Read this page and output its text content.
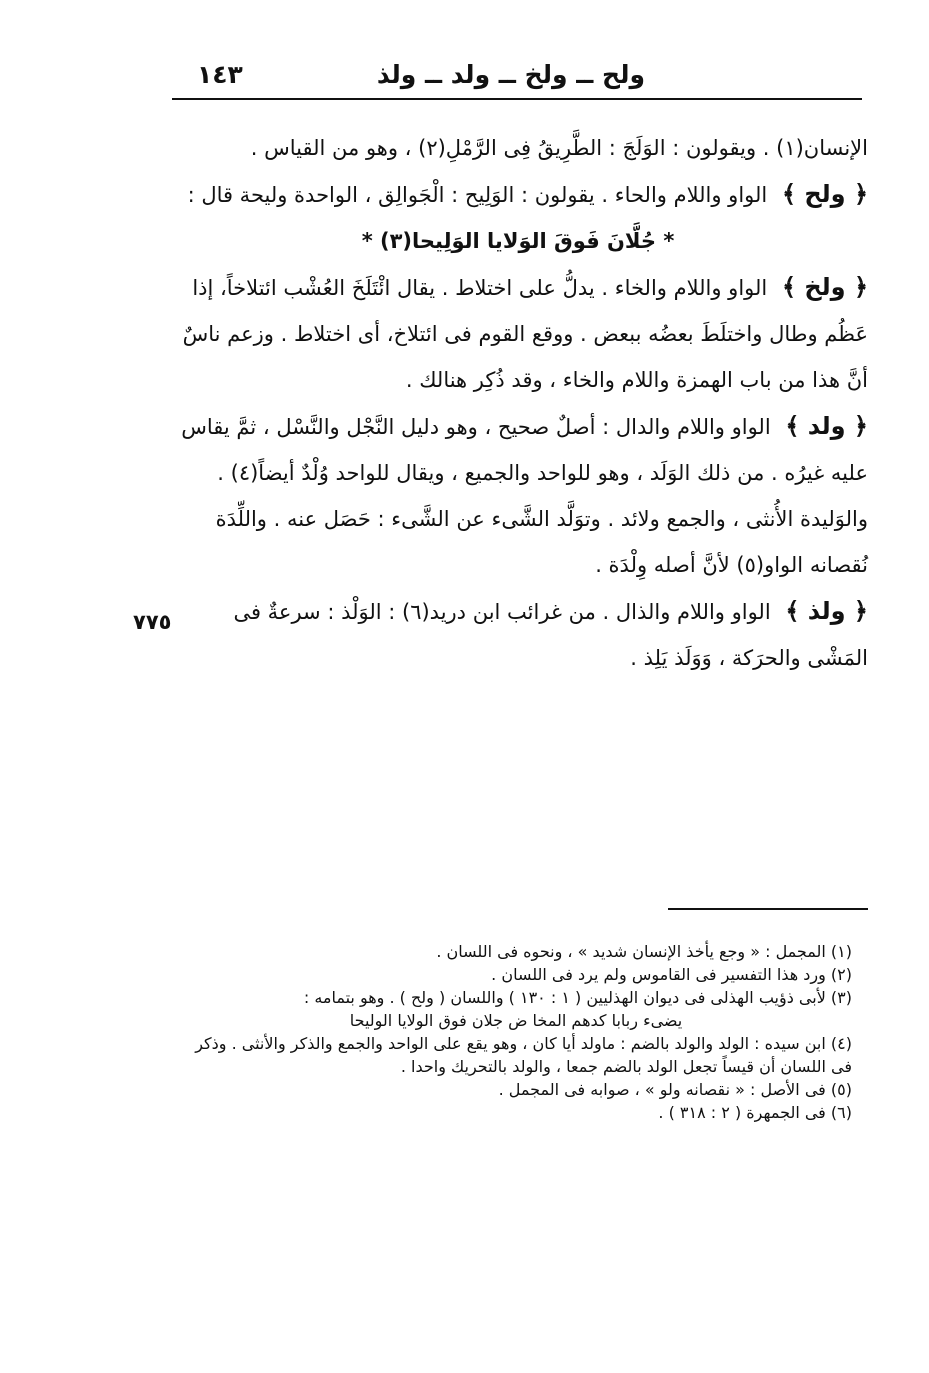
ولح ــ ولخ ــ ولد ــ ولذ
١٤٣
٧٧٥

الإنسان(١) . ويقولون : الوَلَجَ : الطَّرِيقُ فِى الرَّمْلِ(٢) ، وهو من القياس .

﴿ ولح ﴾ الواو واللام والحاء . يقولون : الوَلِيح : الْجَوالِق ، الواحدة وليحة قال :

* جُلَّانَ فَوقَ الوَلايا الوَلِيحا(٣) *

﴿ ولخ ﴾ الواو واللام والخاء . يدلُّ على اختلاط . يقال ائْتَلَخَ العُشْب ائتلاخاً، إذا عَظُم وطال واختلَطَ بعضُه ببعض . ووقع القوم فى ائتلاخ، أى اختلاط . وزعم ناسٌ أنَّ هذا من باب الهمزة واللام والخاء ، وقد ذُكِر هنالك .

﴿ ولد ﴾ الواو واللام والدال : أصلٌ صحيح ، وهو دليل النَّجْل والنَّسْل ، ثمَّ يقاس عليه غيرُه . من ذلك الوَلَد ، وهو للواحد والجميع ، ويقال للواحد وُلْدٌ أيضاً(٤) . والوَليدة الأُنثى ، والجمع ولائد . وتوَلَّد الشَّىء عن الشَّىء : حَصَل عنه . واللِّدَة نُقصانه الواو(٥) لأنَّ أصله وِلْدَة .

﴿ ولذ ﴾ الواو واللام والذال . من غرائب ابن دريد(٦) : الوَلْذ : سرعةٌ فى المَشْى والحرَكة ، وَوَلَذ يَلِذ .

(١) المجمل : « وجع يأخذ الإنسان شديد » ، ونحوه فى اللسان .

(٢) ورد هذا التفسير فى القاموس ولم يرد فى اللسان .

(٣) لأبى ذؤيب الهذلى فى ديوان الهذليين ( ١ : ١٣٠ ) واللسان ( ولح ) . وهو بتمامه :

يضىء ربابا كدهم المخا ض جلان فوق الولايا الوليحا

(٤) ابن سيده : الولد والولد بالضم : ماولد أيا كان ، وهو يقع على الواحد والجمع والذكر والأنثى . وذكر فى اللسان أن قيساً تجعل الولد بالضم جمعا ، والولد بالتحريك واحدا .

(٥) فى الأصل : « نقصانه ولو » ، صوابه فى المجمل .

(٦) فى الجمهرة ( ٢ : ٣١٨ ) .
